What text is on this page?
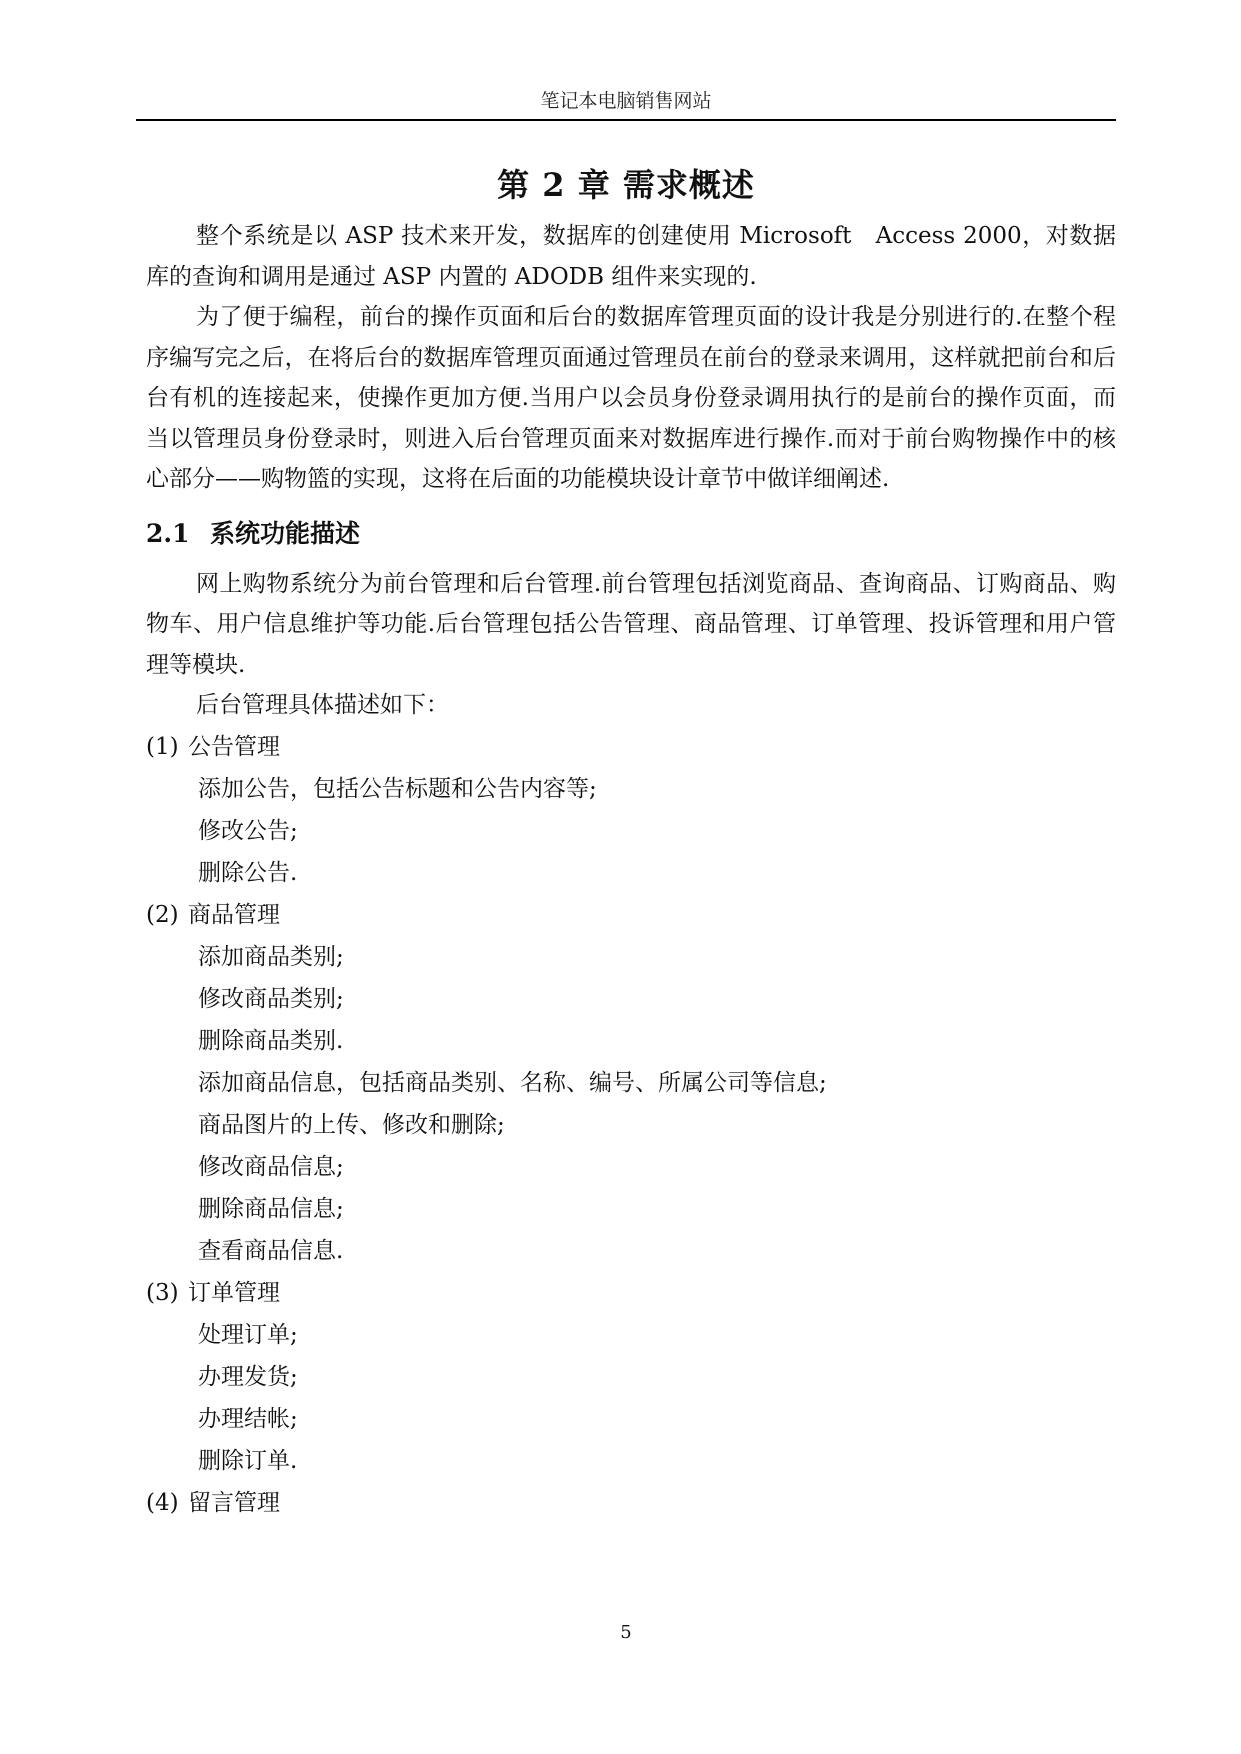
笔记本电脑销售网站
第 2 章 需求概述

整个系统是以 ASP 技术来开发，数据库的创建使用 Microsoft　Access 2000，对数据库的查询和调用是通过 ASP 内置的 ADODB 组件来实现的.

为了便于编程，前台的操作页面和后台的数据库管理页面的设计我是分别进行的.在整个程序编写完之后，在将后台的数据库管理页面通过管理员在前台的登录来调用，这样就把前台和后台有机的连接起来，使操作更加方便.当用户以会员身份登录调用执行的是前台的操作页面，而当以管理员身份登录时，则进入后台管理页面来对数据库进行操作.而对于前台购物操作中的核心部分——购物篮的实现，这将在后面的功能模块设计章节中做详细阐述.

2.1 系统功能描述

网上购物系统分为前台管理和后台管理.前台管理包括浏览商品、查询商品、订购商品、购物车、用户信息维护等功能.后台管理包括公告管理、商品管理、订单管理、投诉管理和用户管理等模块.

后台管理具体描述如下：

(1) 公告管理

添加公告，包括公告标题和公告内容等;

修改公告;

删除公告.

(2) 商品管理

添加商品类别;

修改商品类别;

删除商品类别.

添加商品信息，包括商品类别、名称、编号、所属公司等信息;

商品图片的上传、修改和删除;

修改商品信息;

删除商品信息;

查看商品信息.

(3) 订单管理

处理订单;

办理发货;

办理结帐;

删除订单.

(4) 留言管理

5
